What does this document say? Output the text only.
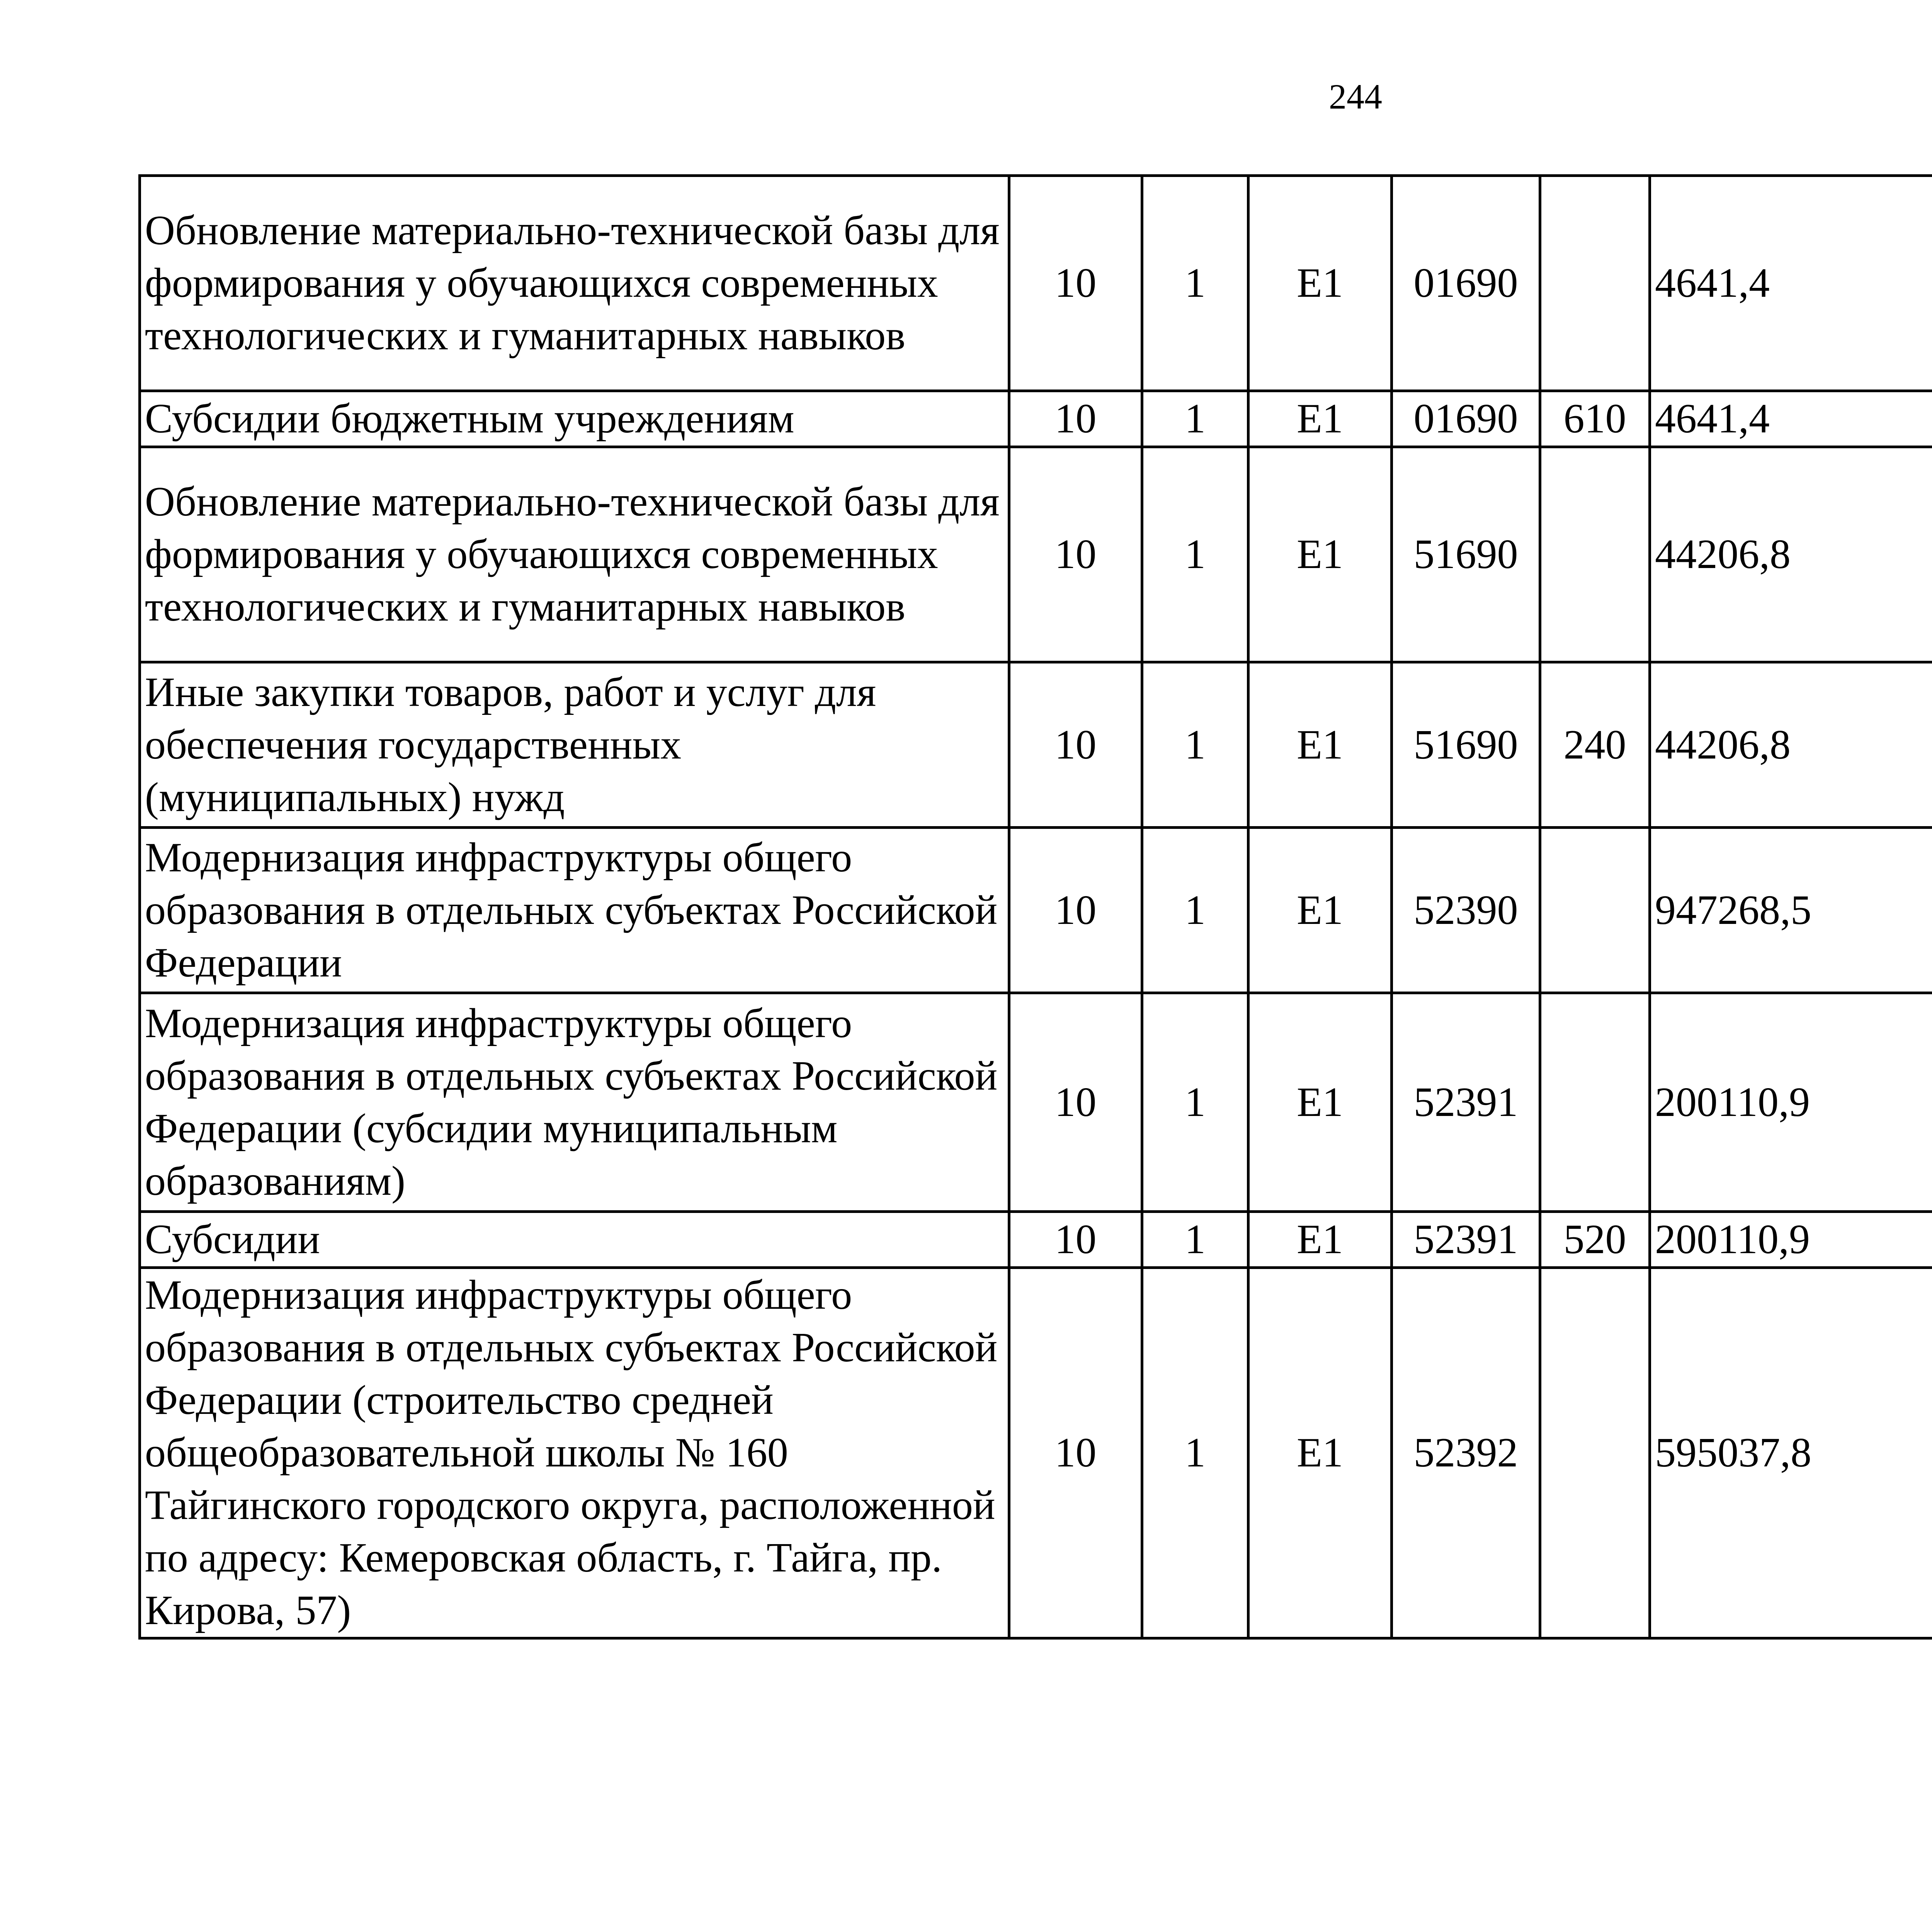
244
Обновление материально-технической базы для формирования у обучающихся современных технологических и гуманитарных навыков	10	1	E1	01690		4641,4		
Субсидии бюджетным учреждениям	10	1	E1	01690	610	4641,4		
Обновление материально-технической базы для формирования у обучающихся современных технологических и гуманитарных навыков	10	1	E1	51690		44206,8		
Иные закупки товаров, работ и услуг для обеспечения государственных (муниципальных) нужд	10	1	E1	51690	240	44206,8		
Модернизация инфраструктуры общего образования в отдельных субъектах Российской Федерации	10	1	E1	52390		947268,5		
Модернизация инфраструктуры общего образования в отдельных субъектах Российской Федерации (субсидии муниципальным образованиям)	10	1	E1	52391		200110,9		
Субсидии	10	1	E1	52391	520	200110,9		
Модернизация инфраструктуры общего образования в отдельных субъектах Российской Федерации (строительство средней общеобразовательной школы № 160 Тайгинского городского округа, расположенной по адресу: Кемеровская область, г. Тайга, пр. Кирова, 57)	10	1	E1	52392		595037,8		
